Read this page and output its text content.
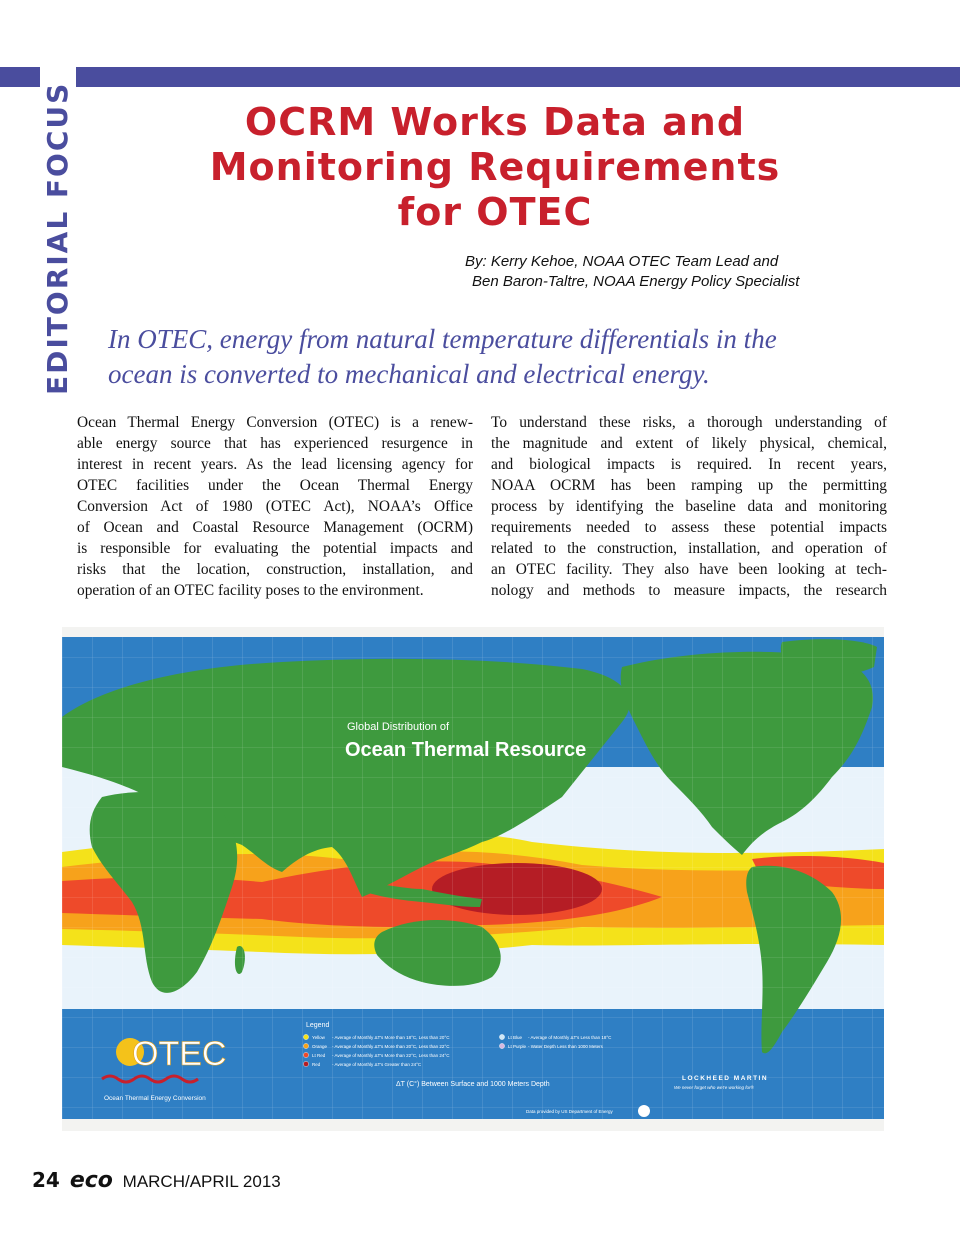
EDITORIAL FOCUS	OCRM Works Data and
Monitoring Requirements
for OTEC
By: Kerry Kehoe, NOAA OTEC Team Lead and
Ben Baron-Taltre, NOAA Energy Policy Specialist
In OTEC, energy from natural temperature differentials in the
ocean is converted to mechanical and electrical energy.
Ocean Thermal Energy Conversion (OTEC) is a renew-
able energy source that has experienced resurgence in
interest in recent years. As the lead licensing agency for
OTEC facilities under the Ocean Thermal Energy
Conversion Act of 1980 (OTEC Act), NOAA’s Office
of Ocean and Coastal Resource Management (OCRM)
is responsible for evaluating the potential impacts and
risks that the location, construction, installation, and
operation of an OTEC facility poses to the environment.
To understand these risks, a thorough understanding of
the magnitude and extent of likely physical, chemical,
and biological impacts is required. In recent years,
NOAA OCRM has been ramping up the permitting
process by identifying the baseline data and monitoring
requirements needed to assess these potential impacts
related to the construction, installation, and operation of
an OTEC facility. They also have been looking at tech-
nology and methods to measure impacts, the research
Global Distribution of
Ocean Thermal Resource
OTEC
Ocean Thermal Energy Conversion
Legend
Yellow - Average of Monthly ΔT's More than 18°C, Less than 20°C
Orange - Average of Monthly ΔT's More than 20°C, Less than 22°C
Lt Red - Average of Monthly ΔT's More than 22°C, Less than 24°C
Red	- Average of Monthly ΔT's Greater than 24°C
Lt Blue - Average of Monthly ΔT's Less than 18°C
Lt Purple - Water Depth Less than 1000 Meters
ΔT (C°) Between Surface and 1000 Meters Depth
Data provided by US Department of Energy
LOCKHEED MARTIN
We never forget who we're working for®
24 eco MARCH/APRIL 2013
